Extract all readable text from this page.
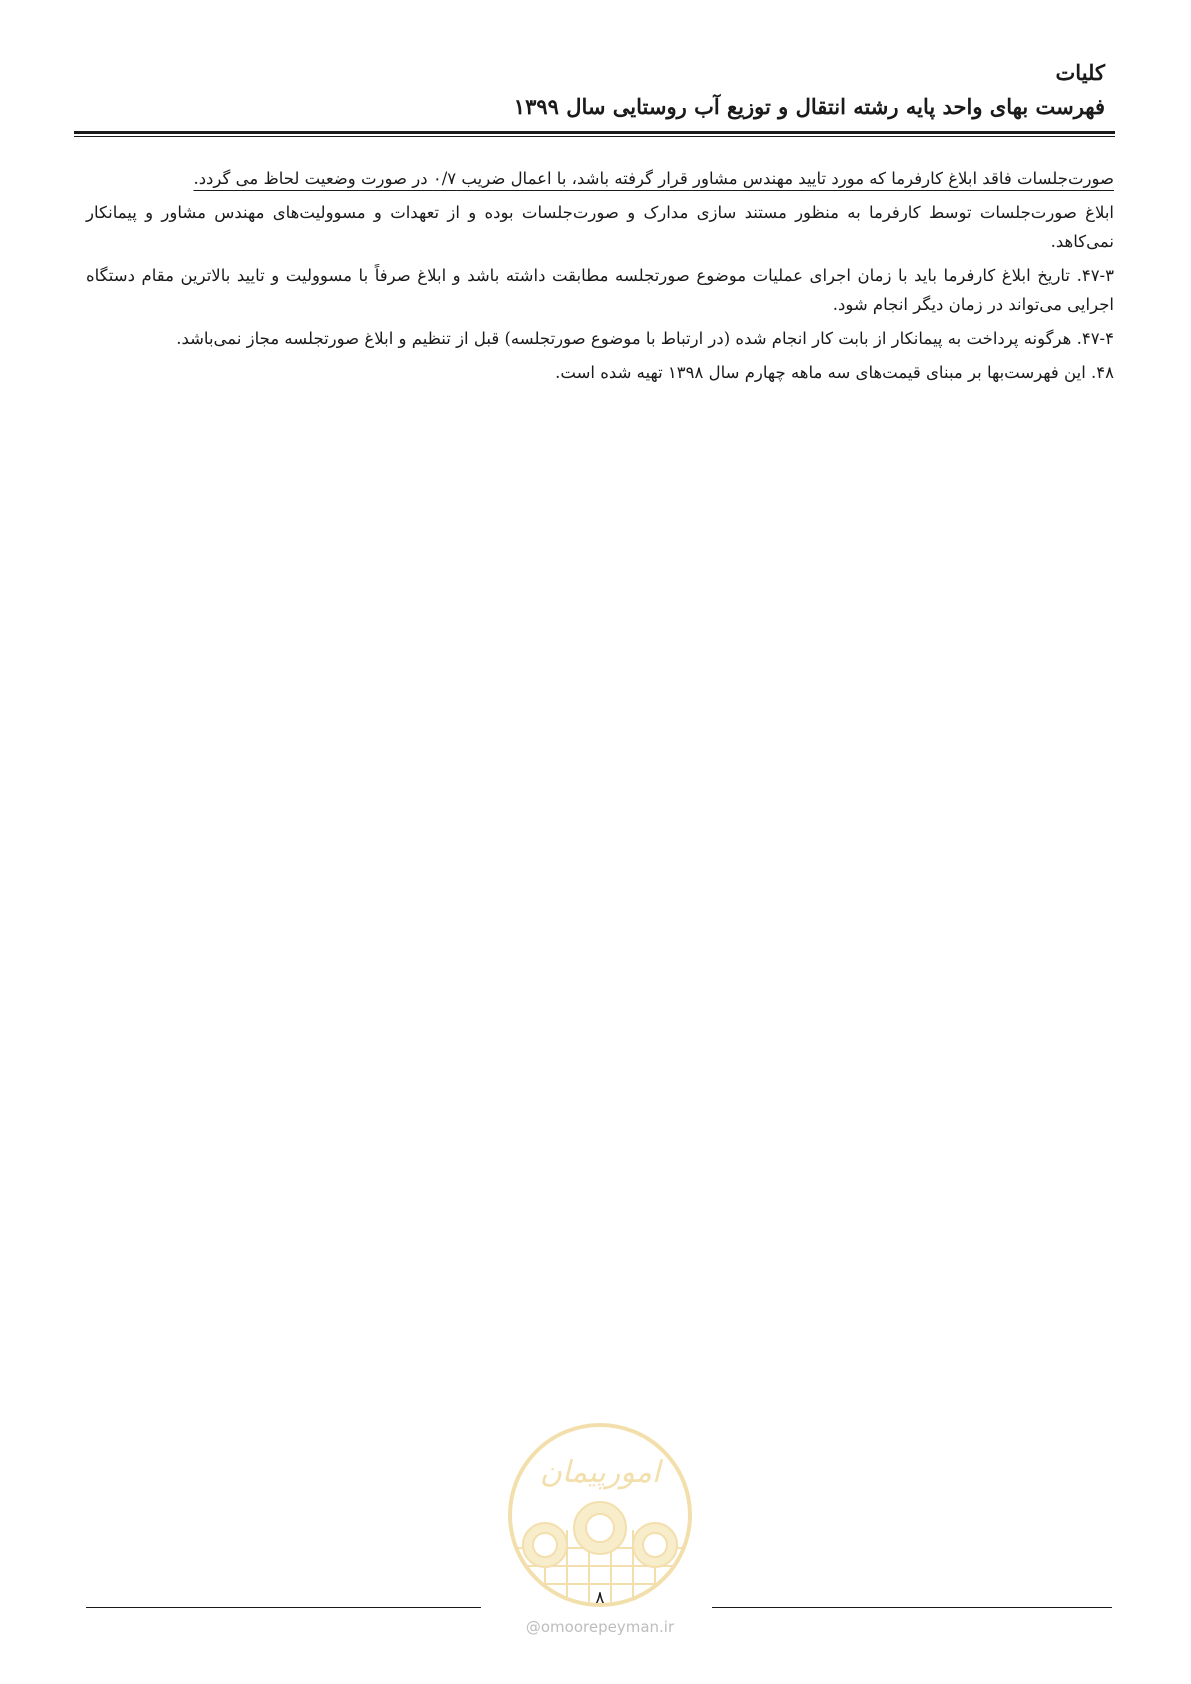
کلیات
فهرست بهای واحد پایه رشته انتقال و توزیع آب روستایی سال ۱۳۹۹

صورت‌جلسات فاقد ابلاغ کارفرما که مورد تایید مهندس مشاور قرار گرفته باشد، با اعمال ضریب ۰/۷ در صورت وضعیت لحاظ می گردد.

ابلاغ صورت‌جلسات توسط کارفرما به منظور مستند سازی مدارک و صورت‌جلسات بوده و از تعهدات و مسوولیت‌های مهندس مشاور و پیمانکار نمی‌کاهد.

۴۷-۳. تاریخ ابلاغ کارفرما باید با زمان اجرای عملیات موضوع صورتجلسه مطابقت داشته باشد و ابلاغ صرفاً با مسوولیت و تایید بالاترین مقام دستگاه اجرایی می‌تواند در زمان دیگر انجام شود.

۴۷-۴. هرگونه پرداخت به پیمانکار از بابت کار انجام شده (در ارتباط با موضوع صورتجلسه) قبل از تنظیم و ابلاغ صورتجلسه مجاز نمی‌باشد.

۴۸. این فهرست‌بها بر مبنای قیمت‌های سه ماهه چهارم سال ۱۳۹۸ تهیه شده است.

امورپیمان
۸
@omoorepeyman.ir
